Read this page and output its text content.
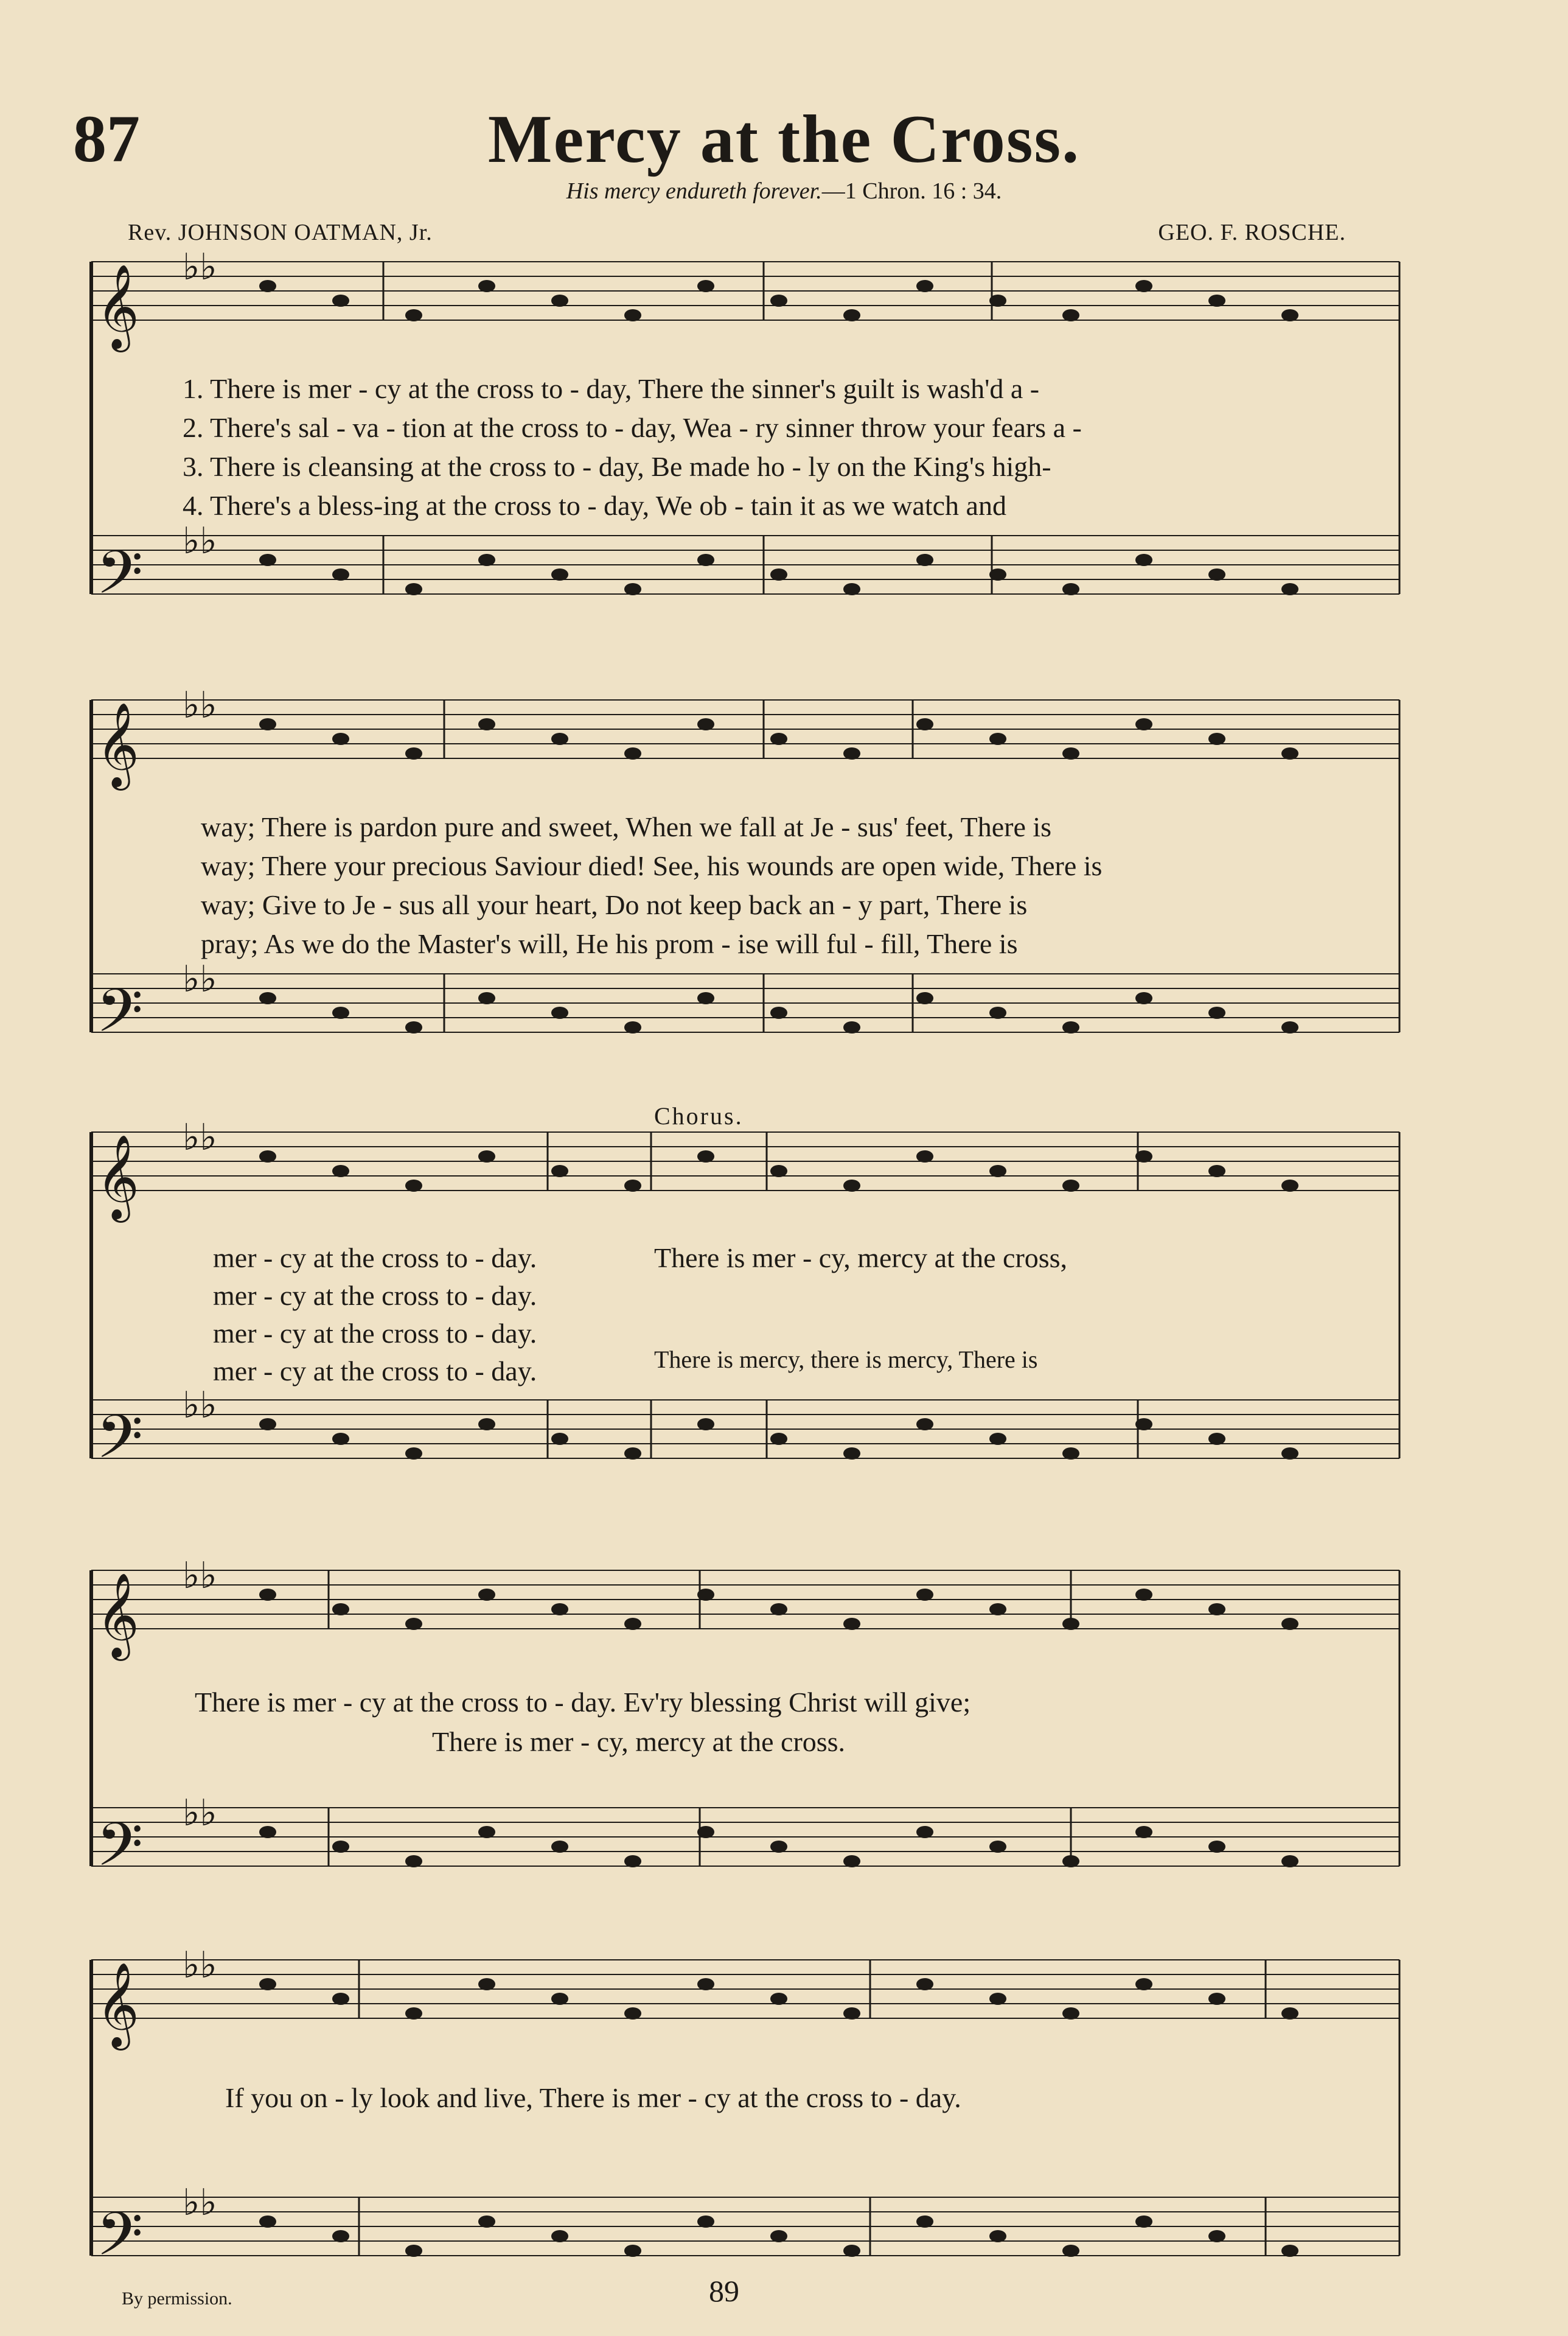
87	Mercy at the Cross.
His mercy endureth forever.—1 Chron. 16 : 34.
Rev. JOHNSON OATMAN, Jr.	GEO. F. ROSCHE.
𝄞 ♭♭
𝄢 ♭♭
𝄞 ♭♭
𝄢 ♭♭
𝄞 ♭♭
𝄢 ♭♭
𝄞 ♭♭
𝄢 ♭♭
𝄞 ♭♭
𝄢 ♭♭
1. There is mer - cy at the cross to - day, There the sinner's guilt is wash'd a -
2. There's sal - va - tion at the cross to - day, Wea - ry sinner throw your fears a -
3. There is cleansing at the cross to - day, Be made ho - ly on the King's high-
4. There's a bless-ing at the cross to - day, We ob - tain it as we watch and
way; There is pardon pure and sweet, When we fall at Je - sus' feet, There is
way; There your precious Saviour died! See, his wounds are open wide, There is
way; Give to Je - sus all your heart, Do not keep back an - y part, There is
pray; As we do the Master's will, He his prom - ise will ful - fill, There is
Chorus.
mer - cy at the cross to - day.
mer - cy at the cross to - day.
mer - cy at the cross to - day.
mer - cy at the cross to - day.
There is mer - cy, mercy at the cross,
There is mercy, there is mercy, There is
There is mer - cy at the cross to - day. Ev'ry blessing Christ will give;
There is mer - cy, mercy at the cross.
If you on - ly look and live, There is mer - cy at the cross to - day.
By permission.	89
